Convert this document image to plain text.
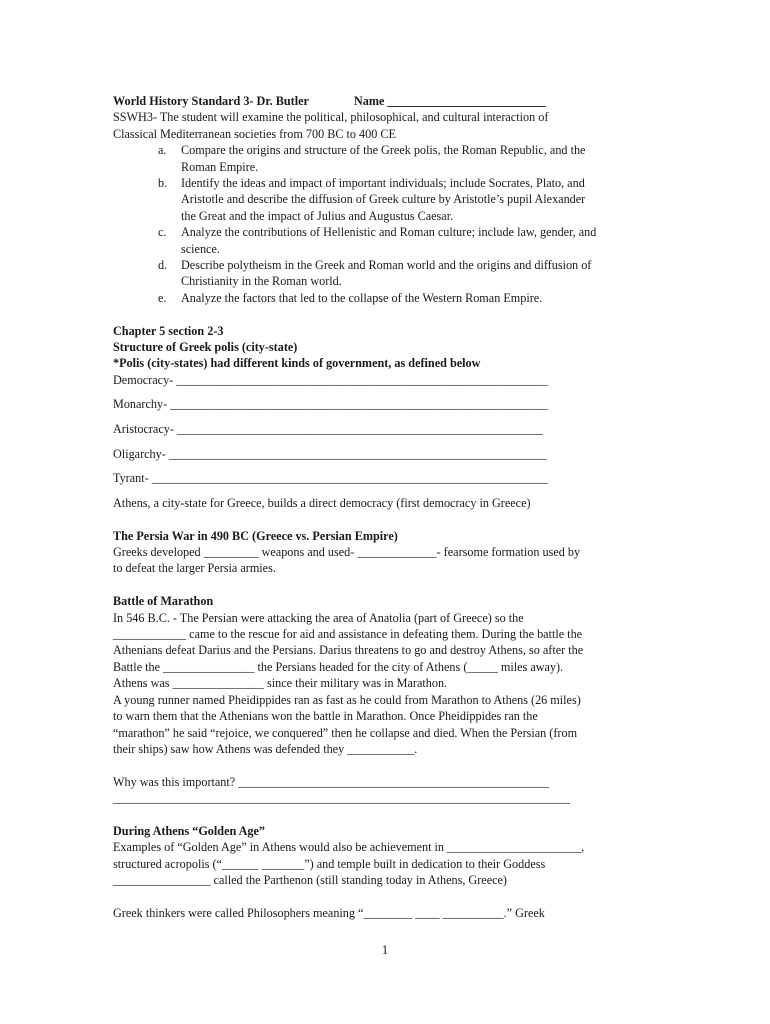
World History Standard 3- Dr. Butler	Name __________________________
SSWH3- The student will examine the political, philosophical, and cultural interaction of
Classical Mediterranean societies from 700 BC to 400 CE
a. Compare the origins and structure of the Greek polis, the Roman Republic, and the
Roman Empire.
b. Identify the ideas and impact of important individuals; include Socrates, Plato, and
Aristotle and describe the diffusion of Greek culture by Aristotle’s pupil Alexander
the Great and the impact of Julius and Augustus Caesar.
c. Analyze the contributions of Hellenistic and Roman culture; include law, gender, and
science.
d. Describe polytheism in the Greek and Roman world and the origins and diffusion of
Christianity in the Roman world.
e. Analyze the factors that led to the collapse of the Western Roman Empire.
Chapter 5 section 2-3
Structure of Greek polis (city-state)
*Polis (city-states) had different kinds of government, as defined below
Democracy- _____________________________________________________________
Monarchy- ______________________________________________________________
Aristocracy- ____________________________________________________________
Oligarchy- ______________________________________________________________
Tyrant- _________________________________________________________________
Athens, a city-state for Greece, builds a direct democracy (first democracy in Greece)
The Persia War in 490 BC (Greece vs. Persian Empire)
Greeks developed _________ weapons and used- _____________- fearsome formation used by
to defeat the larger Persia armies.
Battle of Marathon
In 546 B.C. - The Persian were attacking the area of Anatolia (part of Greece) so the
____________ came to the rescue for aid and assistance in defeating them. During the battle the
Athenians defeat Darius and the Persians. Darius threatens to go and destroy Athens, so after the
Battle the _______________ the Persians headed for the city of Athens (_____ miles away).
Athens was _______________ since their military was in Marathon.
A young runner named Pheidippides ran as fast as he could from Marathon to Athens (26 miles)
to warn them that the Athenians won the battle in Marathon. Once Pheidippides ran the
“marathon” he said “rejoice, we conquered” then he collapse and died. When the Persian (from
their ships) saw how Athens was defended they ___________.
Why was this important? ___________________________________________________
___________________________________________________________________________
During Athens “Golden Age”
Examples of “Golden Age” in Athens would also be achievement in ______________________,
structured acropolis (“______ _______”) and temple built in dedication to their Goddess
________________ called the Parthenon (still standing today in Athens, Greece)
Greek thinkers were called Philosophers meaning “________ ____ __________.” Greek
1
